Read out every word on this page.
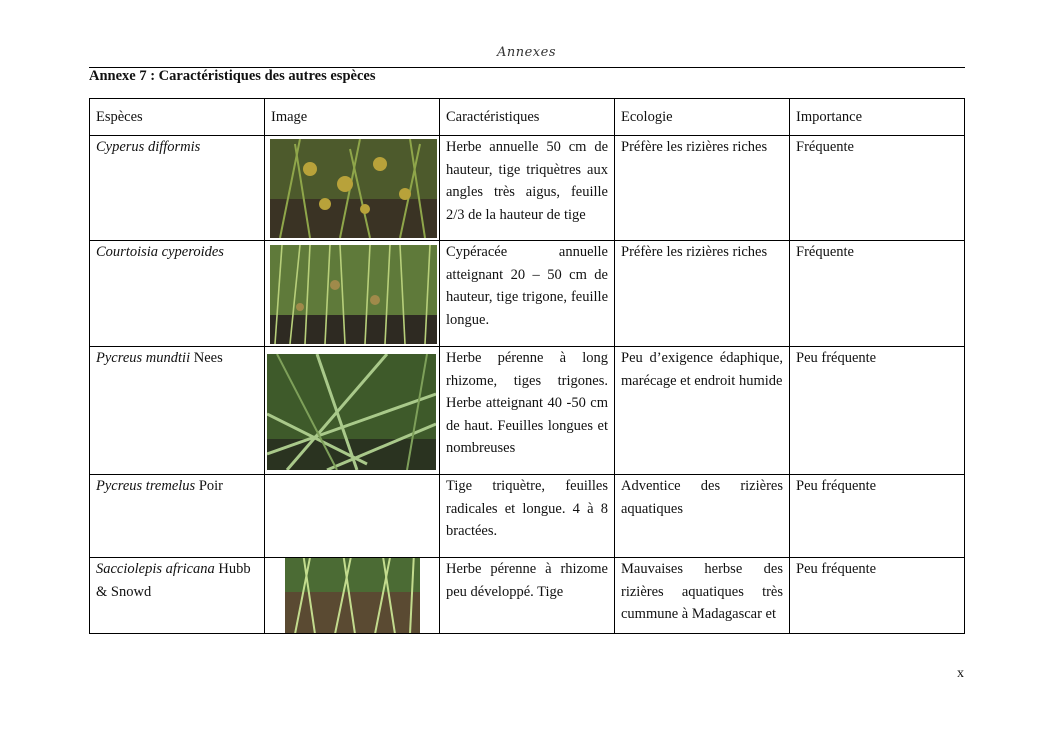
Annexes
Annexe 7 : Caractéristiques des autres espèces
Espèces	Image	Caractéristiques	Ecologie	Importance
Cyperus difformis		Herbe annuelle 50 cm de hauteur, tige triquètres aux angles très aigus, feuille 2/3 de la hauteur de tige	Préfère les rizières riches	Fréquente
Courtoisia cyperoides		Cypéracée annuelle atteignant 20 – 50 cm de hauteur, tige trigone, feuille longue.	Préfère les rizières riches	Fréquente
Pycreus mundtii Nees		Herbe pérenne à long rhizome, tiges trigones. Herbe atteignant 40 -50 cm de haut. Feuilles longues et nombreuses	Peu d’exigence édaphique, marécage et endroit humide	Peu fréquente
Pycreus tremelus Poir		Tige triquètre, feuilles radicales et longue. 4 à 8 bractées.	Adventice des rizières aquatiques	Peu fréquente
Sacciolepis africana Hubb & Snowd		Herbe pérenne à rhizome peu développé. Tige	Mauvaises herbse des rizières aquatiques très cummune à Madagascar et	Peu fréquente
x
